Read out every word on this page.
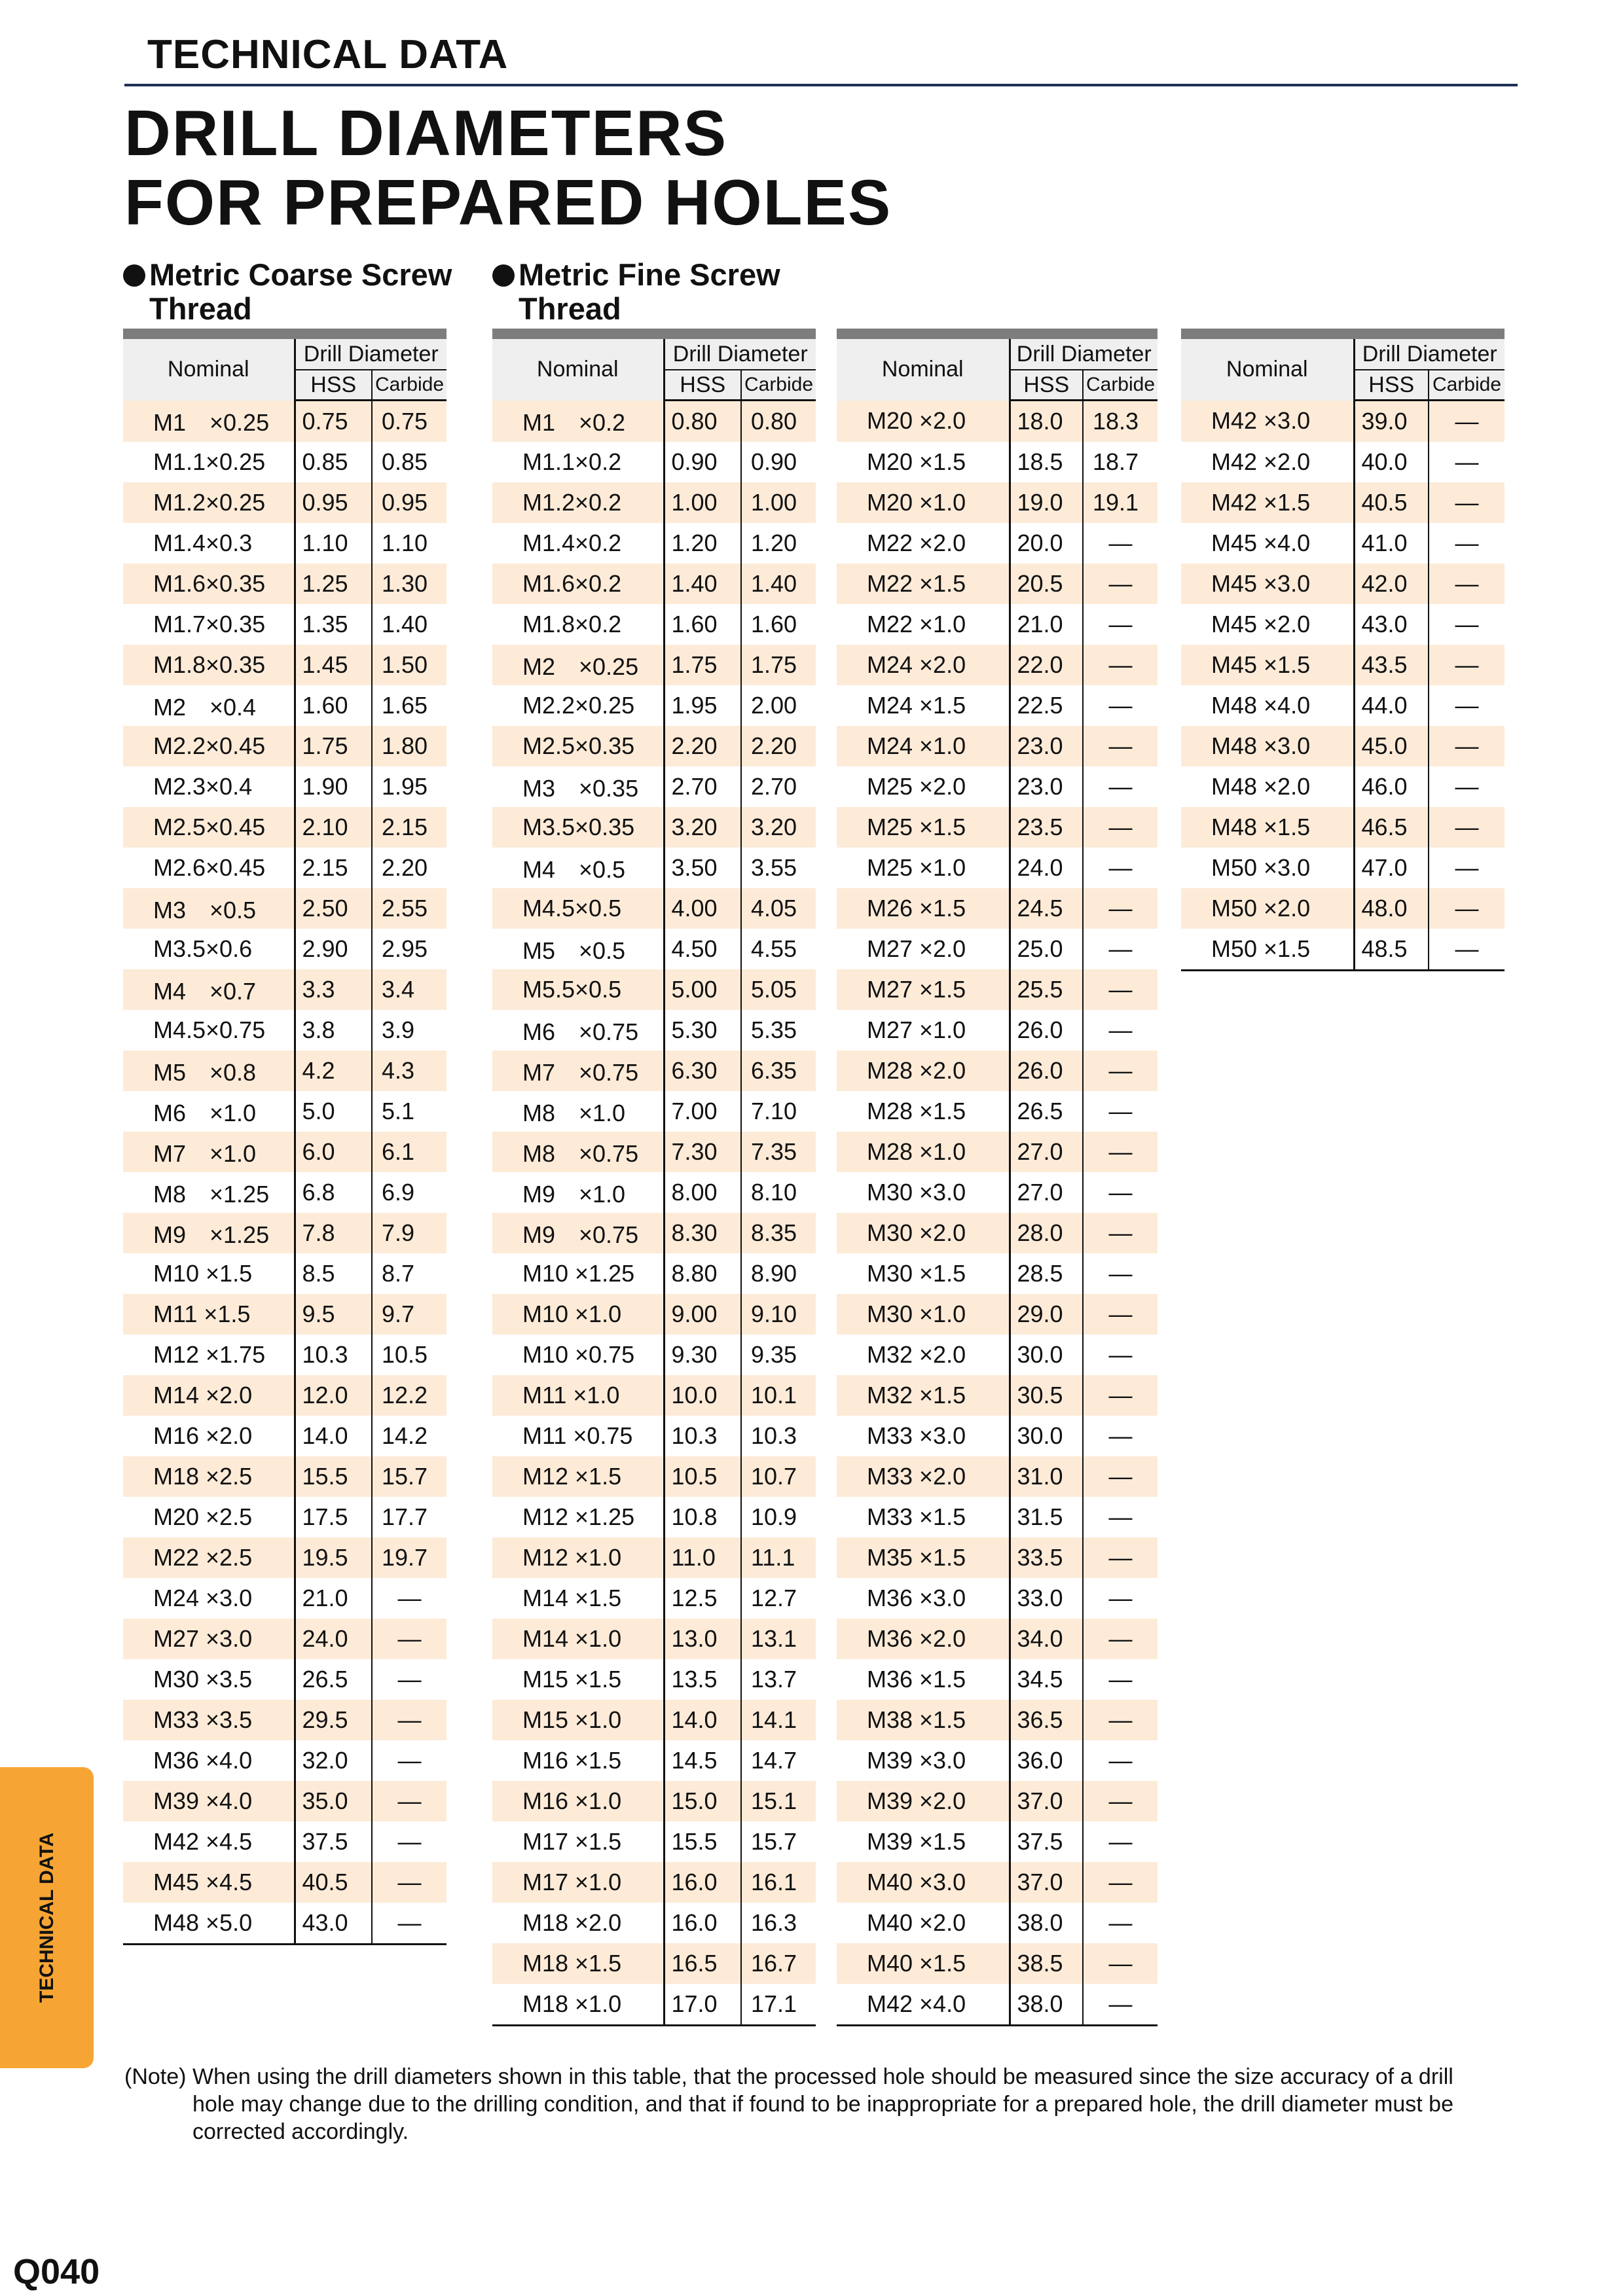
TECHNICAL DATA
DRILL DIAMETERS
FOR PREPARED HOLES
Metric Coarse Screw
Thread
Metric Fine Screw
Thread

Nominal	Drill Diameter	
	HSS	Carbide
M1　×0.25	0.75	0.75
M1.1×0.25	0.85	0.85
M1.2×0.25	0.95	0.95
M1.4×0.3	1.10	1.10
M1.6×0.35	1.25	1.30
M1.7×0.35	1.35	1.40
M1.8×0.35	1.45	1.50
M2　×0.4	1.60	1.65
M2.2×0.45	1.75	1.80
M2.3×0.4	1.90	1.95
M2.5×0.45	2.10	2.15
M2.6×0.45	2.15	2.20
M3　×0.5	2.50	2.55
M3.5×0.6	2.90	2.95
M4　×0.7	3.3	3.4
M4.5×0.75	3.8	3.9
M5　×0.8	4.2	4.3
M6　×1.0	5.0	5.1
M7　×1.0	6.0	6.1
M8　×1.25	6.8	6.9
M9　×1.25	7.8	7.9
M10 ×1.5	8.5	8.7
M11 ×1.5	9.5	9.7
M12 ×1.75	10.3	10.5
M14 ×2.0	12.0	12.2
M16 ×2.0	14.0	14.2
M18 ×2.5	15.5	15.7
M20 ×2.5	17.5	17.7
M22 ×2.5	19.5	19.7
M24 ×3.0	21.0	—
M27 ×3.0	24.0	—
M30 ×3.5	26.5	—
M33 ×3.5	29.5	—
M36 ×4.0	32.0	—
M39 ×4.0	35.0	—
M42 ×4.5	37.5	—
M45 ×4.5	40.5	—
M48 ×5.0	43.0	—

Nominal	Drill Diameter	
	HSS	Carbide
M1　×0.2	0.80	0.80
M1.1×0.2	0.90	0.90
M1.2×0.2	1.00	1.00
M1.4×0.2	1.20	1.20
M1.6×0.2	1.40	1.40
M1.8×0.2	1.60	1.60
M2　×0.25	1.75	1.75
M2.2×0.25	1.95	2.00
M2.5×0.35	2.20	2.20
M3　×0.35	2.70	2.70
M3.5×0.35	3.20	3.20
M4　×0.5	3.50	3.55
M4.5×0.5	4.00	4.05
M5　×0.5	4.50	4.55
M5.5×0.5	5.00	5.05
M6　×0.75	5.30	5.35
M7　×0.75	6.30	6.35
M8　×1.0	7.00	7.10
M8　×0.75	7.30	7.35
M9　×1.0	8.00	8.10
M9　×0.75	8.30	8.35
M10 ×1.25	8.80	8.90
M10 ×1.0	9.00	9.10
M10 ×0.75	9.30	9.35
M11 ×1.0	10.0	10.1
M11 ×0.75	10.3	10.3
M12 ×1.5	10.5	10.7
M12 ×1.25	10.8	10.9
M12 ×1.0	11.0	11.1
M14 ×1.5	12.5	12.7
M14 ×1.0	13.0	13.1
M15 ×1.5	13.5	13.7
M15 ×1.0	14.0	14.1
M16 ×1.5	14.5	14.7
M16 ×1.0	15.0	15.1
M17 ×1.5	15.5	15.7
M17 ×1.0	16.0	16.1
M18 ×2.0	16.0	16.3
M18 ×1.5	16.5	16.7
M18 ×1.0	17.0	17.1

Nominal	Drill Diameter	
	HSS	Carbide
M20 ×2.0	18.0	18.3
M20 ×1.5	18.5	18.7
M20 ×1.0	19.0	19.1
M22 ×2.0	20.0	—
M22 ×1.5	20.5	—
M22 ×1.0	21.0	—
M24 ×2.0	22.0	—
M24 ×1.5	22.5	—
M24 ×1.0	23.0	—
M25 ×2.0	23.0	—
M25 ×1.5	23.5	—
M25 ×1.0	24.0	—
M26 ×1.5	24.5	—
M27 ×2.0	25.0	—
M27 ×1.5	25.5	—
M27 ×1.0	26.0	—
M28 ×2.0	26.0	—
M28 ×1.5	26.5	—
M28 ×1.0	27.0	—
M30 ×3.0	27.0	—
M30 ×2.0	28.0	—
M30 ×1.5	28.5	—
M30 ×1.0	29.0	—
M32 ×2.0	30.0	—
M32 ×1.5	30.5	—
M33 ×3.0	30.0	—
M33 ×2.0	31.0	—
M33 ×1.5	31.5	—
M35 ×1.5	33.5	—
M36 ×3.0	33.0	—
M36 ×2.0	34.0	—
M36 ×1.5	34.5	—
M38 ×1.5	36.5	—
M39 ×3.0	36.0	—
M39 ×2.0	37.0	—
M39 ×1.5	37.5	—
M40 ×3.0	37.0	—
M40 ×2.0	38.0	—
M40 ×1.5	38.5	—
M42 ×4.0	38.0	—

Nominal	Drill Diameter	
	HSS	Carbide
M42 ×3.0	39.0	—
M42 ×2.0	40.0	—
M42 ×1.5	40.5	—
M45 ×4.0	41.0	—
M45 ×3.0	42.0	—
M45 ×2.0	43.0	—
M45 ×1.5	43.5	—
M48 ×4.0	44.0	—
M48 ×3.0	45.0	—
M48 ×2.0	46.0	—
M48 ×1.5	46.5	—
M50 ×3.0	47.0	—
M50 ×2.0	48.0	—
M50 ×1.5	48.5	—
(Note) When using the drill diameters shown in this table, that the processed hole should be measured since the size accuracy of a drill hole may change due to the drilling condition, and that if found to be inappropriate for a prepared hole, the drill diameter must be corrected accordingly.
TECHNICAL DATA
Q040
